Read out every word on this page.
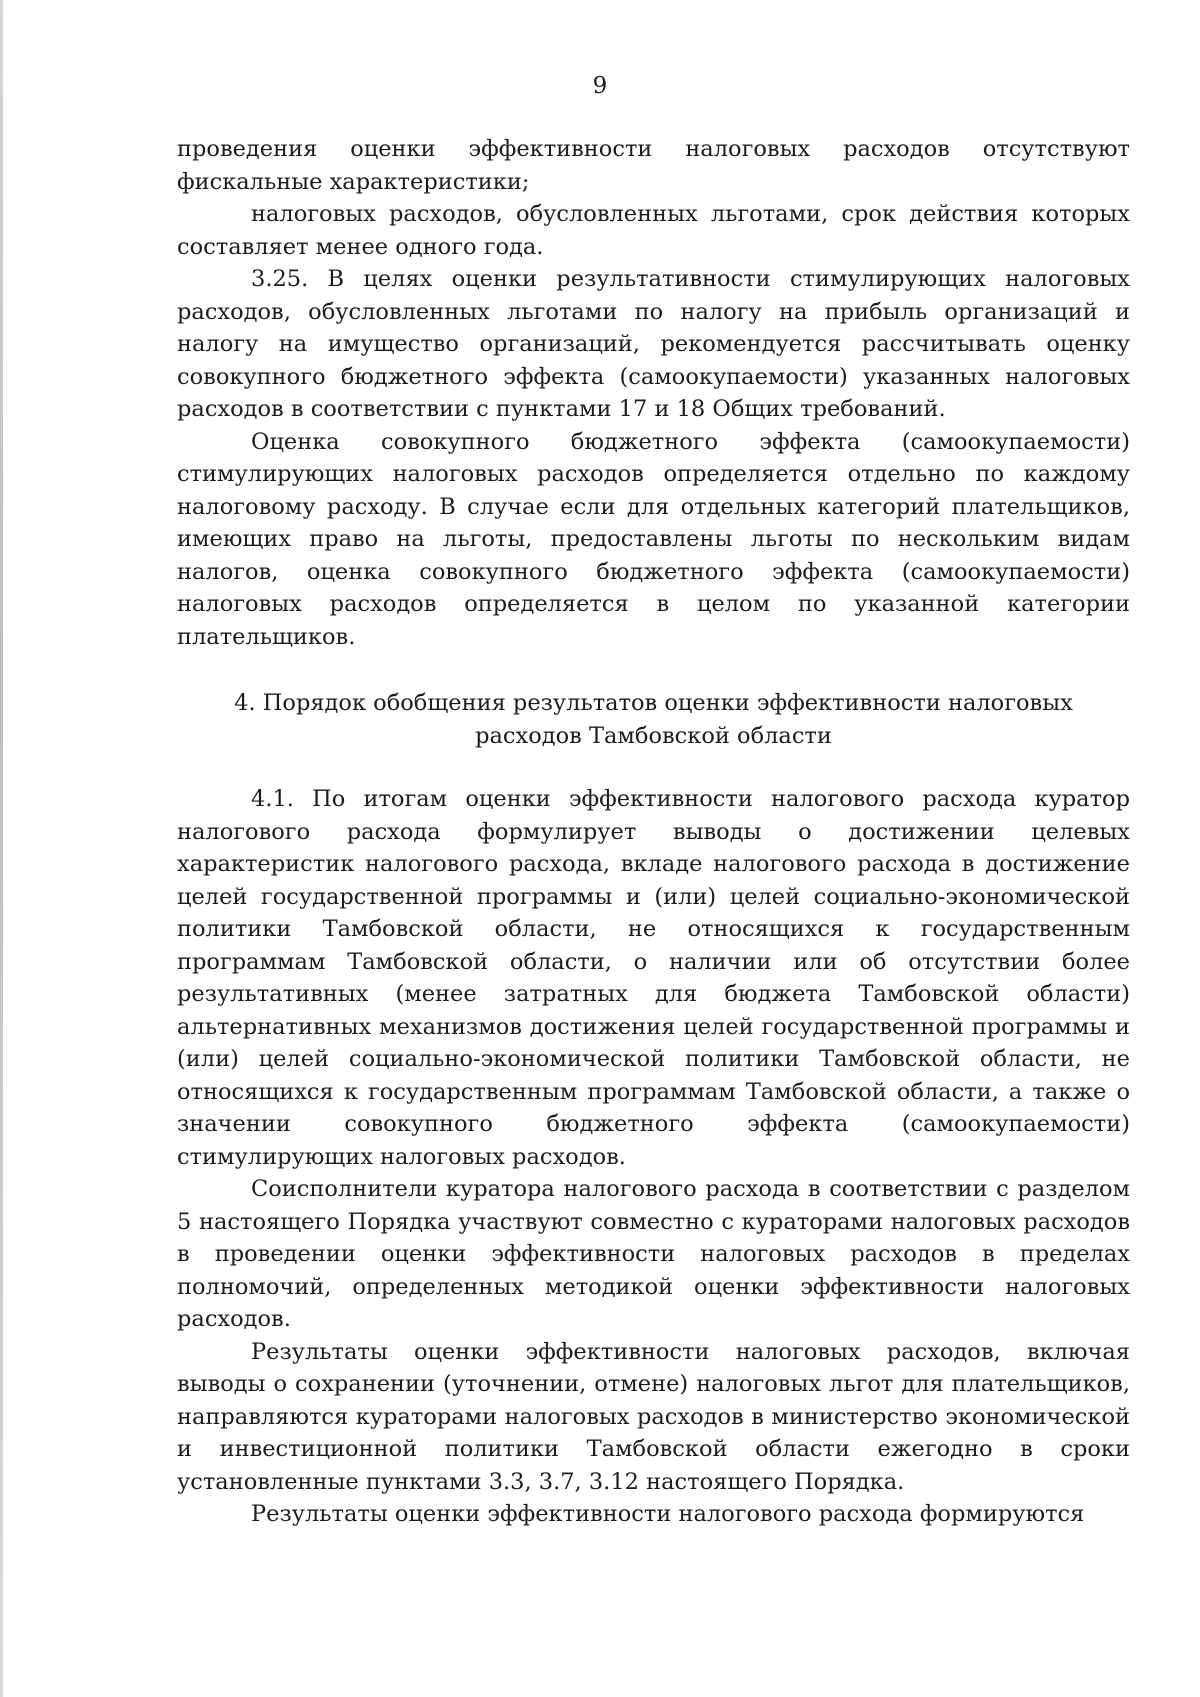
9

проведения оценки эффективности налоговых расходов отсутствуют фискальные характеристики;

налоговых расходов, обусловленных льготами, срок действия которых составляет менее одного года.

3.25. В целях оценки результативности стимулирующих налоговых расходов, обусловленных льготами по налогу на прибыль организаций и налогу на имущество организаций, рекомендуется рассчитывать оценку совокупного бюджетного эффекта (самоокупаемости) указанных налоговых расходов в соответствии с пунктами 17 и 18 Общих требований.

Оценка совокупного бюджетного эффекта (самоокупаемости) стимулирующих налоговых расходов определяется отдельно по каждому налоговому расходу. В случае если для отдельных категорий плательщиков, имеющих право на льготы, предоставлены льготы по нескольким видам налогов, оценка совокупного бюджетного эффекта (самоокупаемости) налоговых расходов определяется в целом по указанной категории плательщиков.

4. Порядок обобщения результатов оценки эффективности налоговых
расходов Тамбовской области

4.1. По итогам оценки эффективности налогового расхода куратор налогового расхода формулирует выводы о достижении целевых характеристик налогового расхода, вкладе налогового расхода в достижение целей государственной программы и (или) целей социально-экономической политики Тамбовской области, не относящихся к государственным программам Тамбовской области, о наличии или об отсутствии более результативных (менее затратных для бюджета Тамбовской области) альтернативных механизмов достижения целей государственной программы и (или) целей социально-экономической политики Тамбовской области, не относящихся к государственным программам Тамбовской области, а также о значении совокупного бюджетного эффекта (самоокупаемости) стимулирующих налоговых расходов.

Соисполнители куратора налогового расхода в соответствии с разделом 5 настоящего Порядка участвуют совместно с кураторами налоговых расходов в проведении оценки эффективности налоговых расходов в пределах полномочий, определенных методикой оценки эффективности налоговых расходов.

Результаты оценки эффективности налоговых расходов, включая выводы о сохранении (уточнении, отмене) налоговых льгот для плательщиков, направляются кураторами налоговых расходов в министерство экономической и инвестиционной политики Тамбовской области ежегодно в сроки установленные пунктами 3.3, 3.7, 3.12 настоящего Порядка.

Результаты оценки эффективности налогового расхода формируются
